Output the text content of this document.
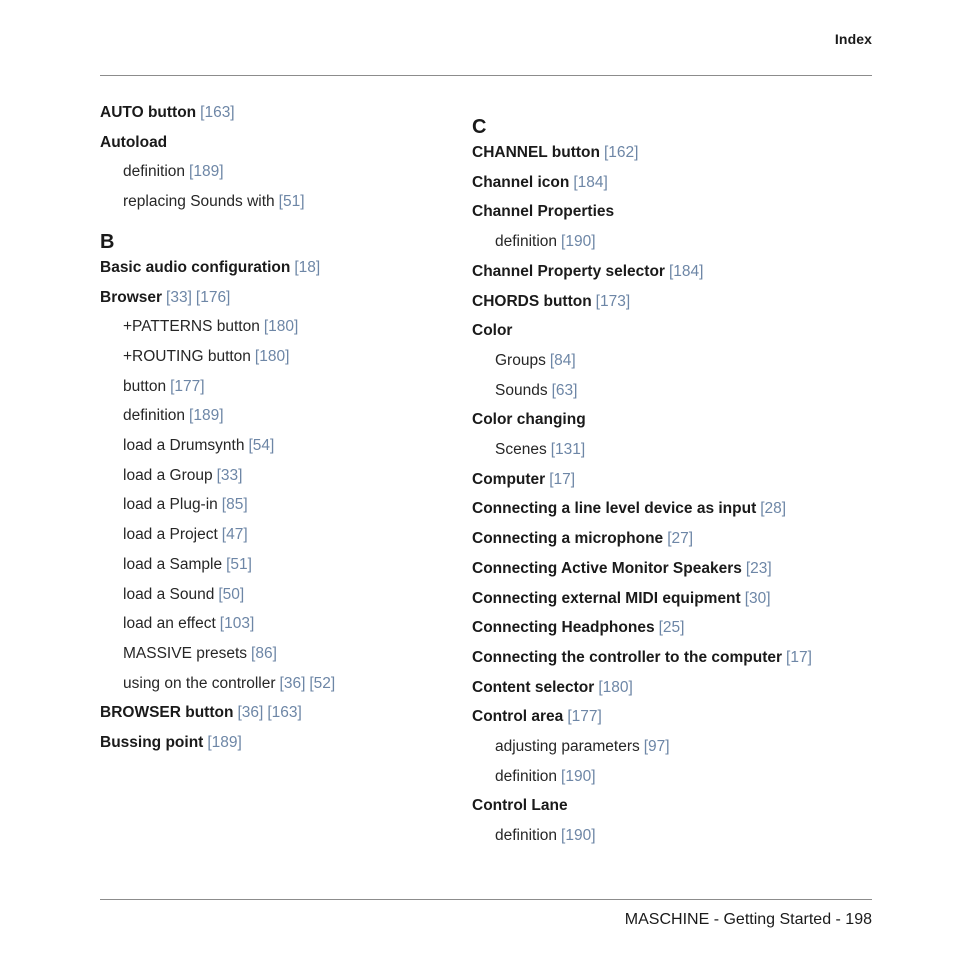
Index
AUTO button [163]
Autoload
definition [189]
replacing Sounds with [51]
B
Basic audio configuration [18]
Browser [33] [176]
+PATTERNS button [180]
+ROUTING button [180]
button [177]
definition [189]
load a Drumsynth [54]
load a Group [33]
load a Plug-in [85]
load a Project [47]
load a Sample [51]
load a Sound [50]
load an effect [103]
MASSIVE presets [86]
using on the controller [36] [52]
BROWSER button [36] [163]
Bussing point [189]
C
CHANNEL button [162]
Channel icon [184]
Channel Properties
definition [190]
Channel Property selector [184]
CHORDS button [173]
Color
Groups [84]
Sounds [63]
Color changing
Scenes [131]
Computer [17]
Connecting a line level device as input [28]
Connecting a microphone [27]
Connecting Active Monitor Speakers [23]
Connecting external MIDI equipment [30]
Connecting Headphones [25]
Connecting the controller to the computer [17]
Content selector [180]
Control area [177]
adjusting parameters [97]
definition [190]
Control Lane
definition [190]
MASCHINE - Getting Started - 198
